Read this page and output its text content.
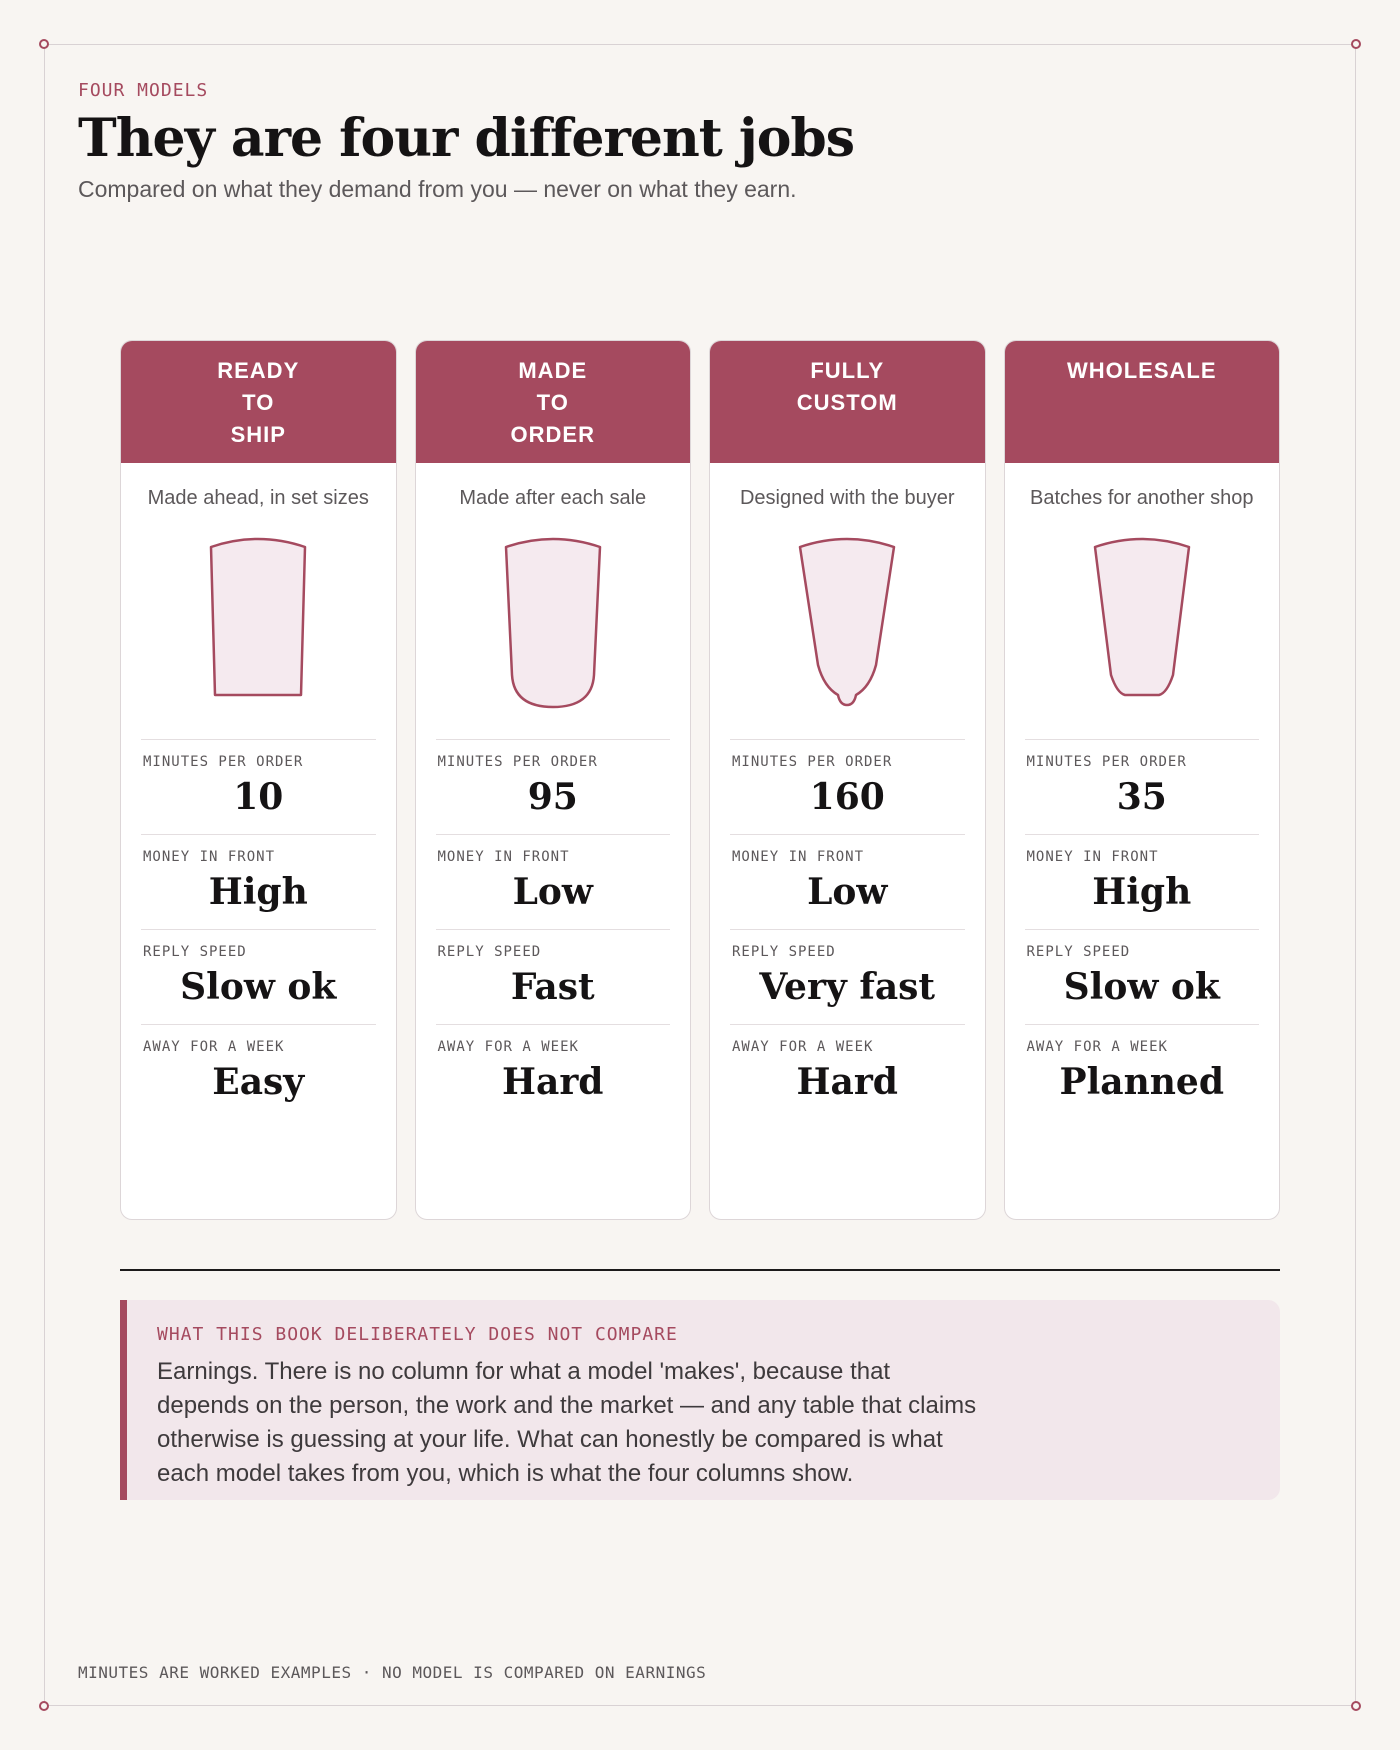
FOUR MODELS
They are four different jobs
Compared on what they demand from you — never on what they earn.
READY
TO
SHIP
Made ahead, in set sizes
MINUTES PER ORDER
10
MONEY IN FRONT
High
REPLY SPEED
Slow ok
AWAY FOR A WEEK
Easy
MADE
TO
ORDER
Made after each sale
MINUTES PER ORDER
95
MONEY IN FRONT
Low
REPLY SPEED
Fast
AWAY FOR A WEEK
Hard
FULLY
CUSTOM
Designed with the buyer
MINUTES PER ORDER
160
MONEY IN FRONT
Low
REPLY SPEED
Very fast
AWAY FOR A WEEK
Hard
WHOLESALE
Batches for another shop
MINUTES PER ORDER
35
MONEY IN FRONT
High
REPLY SPEED
Slow ok
AWAY FOR A WEEK
Planned
WHAT THIS BOOK DELIBERATELY DOES NOT COMPARE
Earnings. There is no column for what a model 'makes', because that depends on the person, the work and the market — and any table that claims otherwise is guessing at your life. What can honestly be compared is what each model takes from you, which is what the four columns show.
MINUTES ARE WORKED EXAMPLES · NO MODEL IS COMPARED ON EARNINGS
